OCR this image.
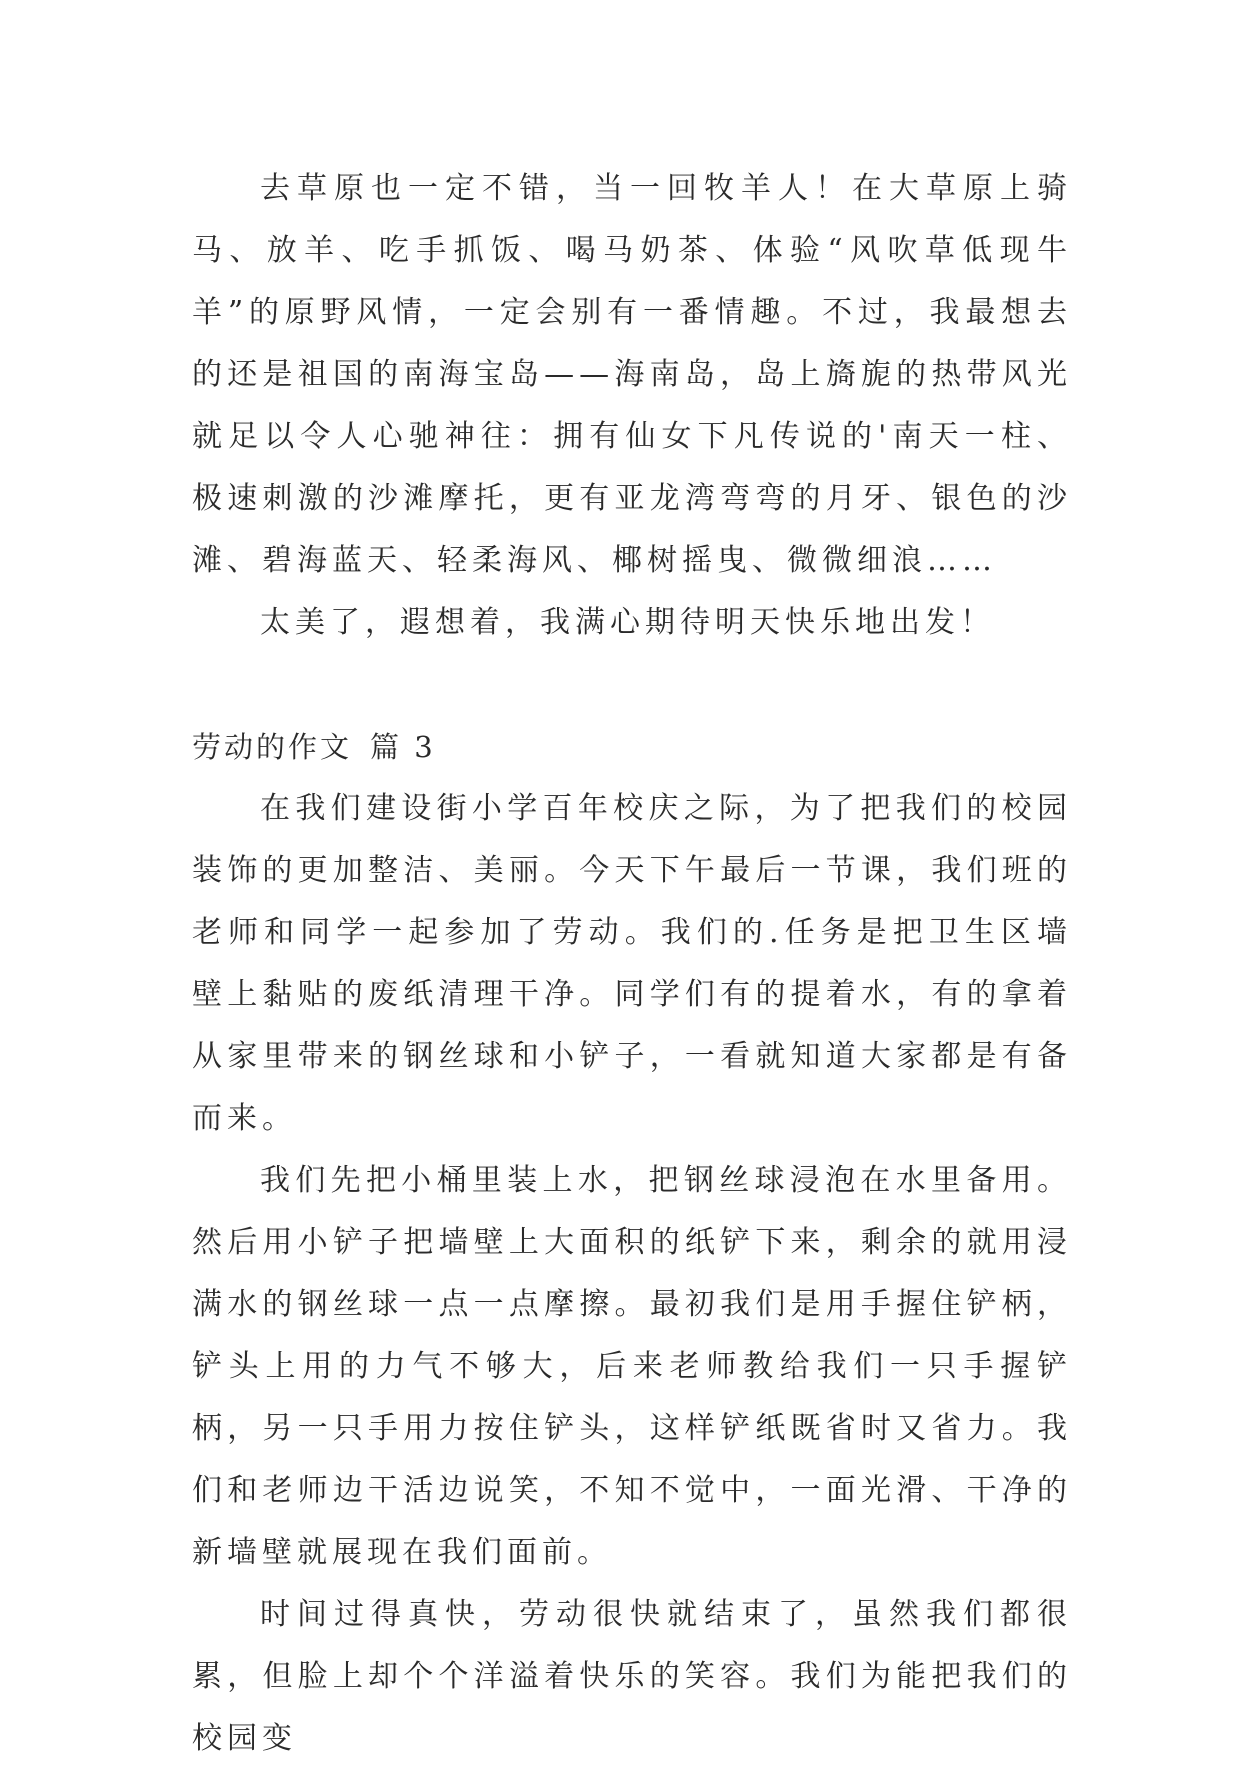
去草原也一定不错，当一回牧羊人！在大草原上骑马、放羊、吃手抓饭、喝马奶茶、体验“风吹草低现牛羊”的原野风情，一定会别有一番情趣。不过，我最想去的还是祖国的南海宝岛——海南岛，岛上旖旎的热带风光就足以令人心驰神往：拥有仙女下凡传说的'南天一柱、极速刺激的沙滩摩托，更有亚龙湾弯弯的月牙、银色的沙滩、碧海蓝天、轻柔海风、椰树摇曳、微微细浪……

太美了，遐想着，我满心期待明天快乐地出发！

劳动的作文 篇 3

在我们建设街小学百年校庆之际，为了把我们的校园装饰的更加整洁、美丽。今天下午最后一节课，我们班的老师和同学一起参加了劳动。我们的.任务是把卫生区墙壁上黏贴的废纸清理干净。同学们有的提着水，有的拿着从家里带来的钢丝球和小铲子，一看就知道大家都是有备而来。

我们先把小桶里装上水，把钢丝球浸泡在水里备用。然后用小铲子把墙壁上大面积的纸铲下来，剩余的就用浸满水的钢丝球一点一点摩擦。最初我们是用手握住铲柄，铲头上用的力气不够大，后来老师教给我们一只手握铲柄，另一只手用力按住铲头，这样铲纸既省时又省力。我们和老师边干活边说笑，不知不觉中，一面光滑、干净的新墙壁就展现在我们面前。

时间过得真快，劳动很快就结束了，虽然我们都很累，但脸上却个个洋溢着快乐的笑容。我们为能把我们的校园变
